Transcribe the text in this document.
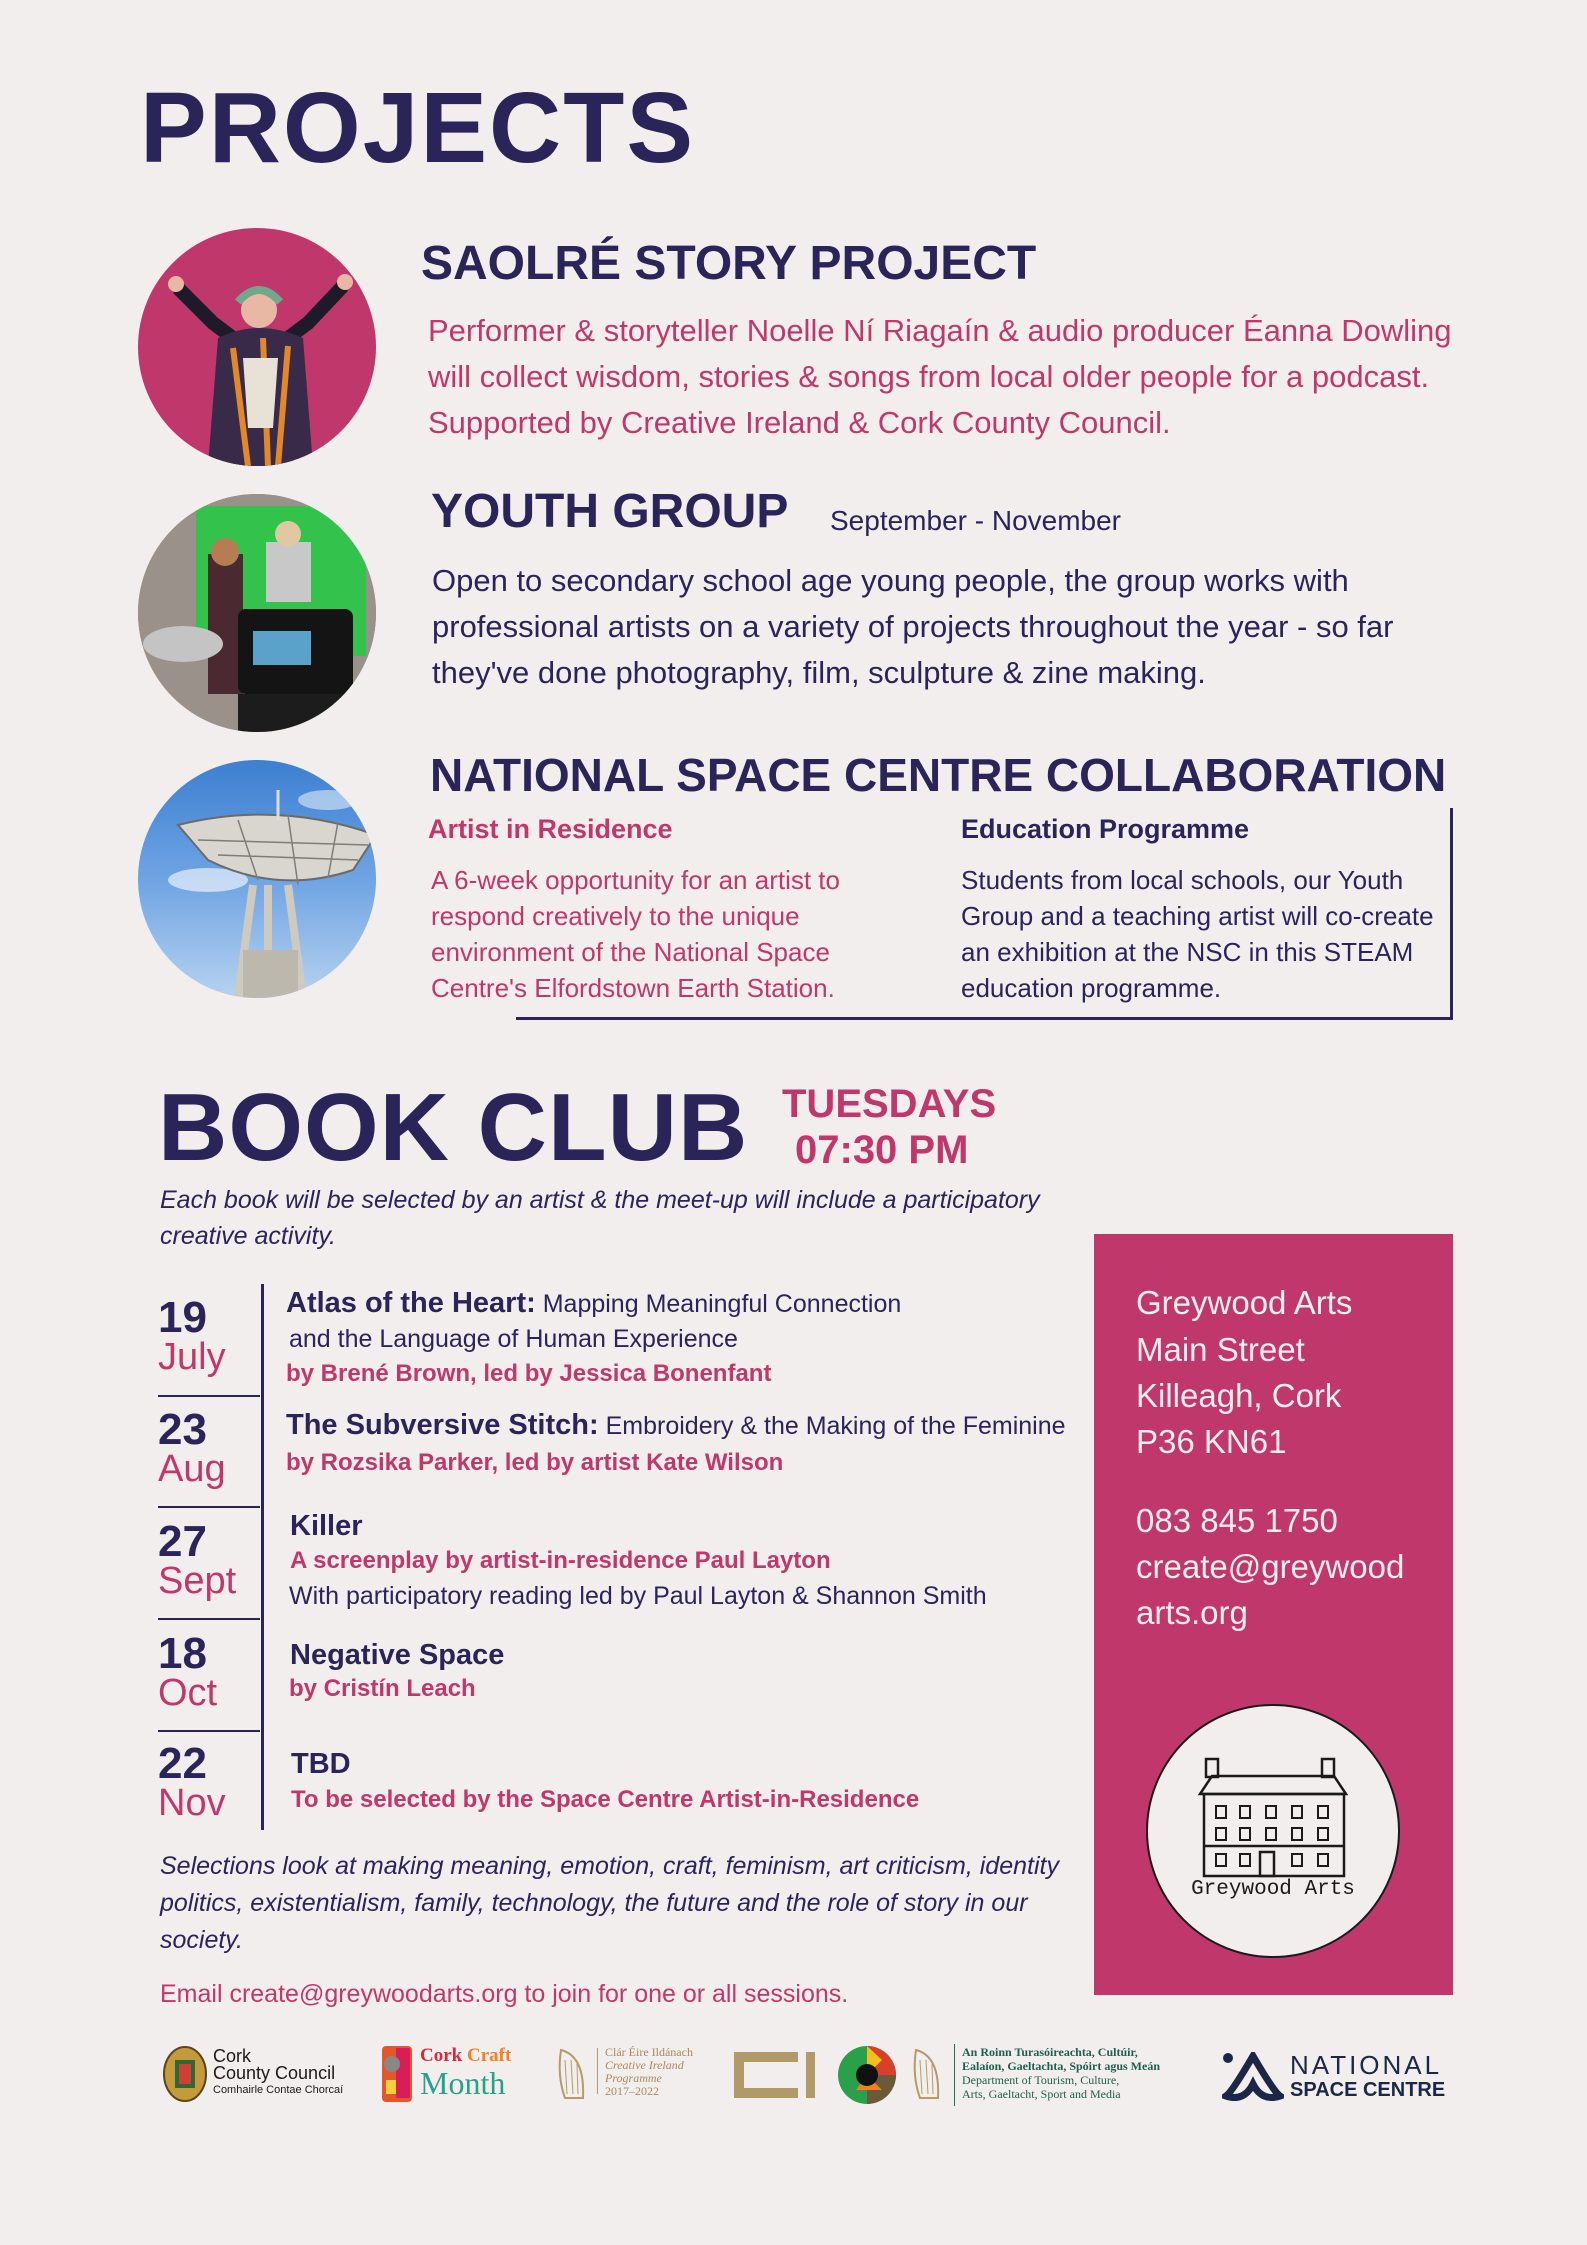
PROJECTS
SAOLRÉ STORY PROJECT
Performer & storyteller Noelle Ní Riagaín & audio producer Éanna Dowling will collect wisdom, stories & songs from local older people for a podcast. Supported by Creative Ireland & Cork County Council.
YOUTH GROUP September - November
Open to secondary school age young people, the group works with professional artists on a variety of projects throughout the year - so far they've done photography, film, sculpture & zine making.
NATIONAL SPACE CENTRE COLLABORATION
Artist in Residence	Education Programme
A 6-week opportunity for an artist to respond creatively to the unique environment of the National Space Centre's Elfordstown Earth Station.
Students from local schools, our Youth Group and a teaching artist will co-create an exhibition at the NSC in this STEAM education programme.
BOOK CLUB TUESDAYS
07:30 PM
Each book will be selected by an artist & the meet-up will include a participatory creative activity.
19
July
Atlas of the Heart: Mapping Meaningful Connection
and the Language of Human Experience
by Brené Brown, led by Jessica Bonenfant
23
Aug
The Subversive Stitch: Embroidery & the Making of the Feminine
by Rozsika Parker, led by artist Kate Wilson
27
Sept
Killer
A screenplay by artist-in-residence Paul Layton
With participatory reading led by Paul Layton & Shannon Smith
18
Oct
Negative Space
by Cristín Leach
22
Nov
TBD
To be selected by the Space Centre Artist-in-Residence
Selections look at making meaning, emotion, craft, feminism, art criticism, identity politics, existentialism, family, technology, the future and the role of story in our society.
Email create@greywoodarts.org to join for one or all sessions.
Greywood Arts
Main Street
Killeagh, Cork
P36 KN61
083 845 1750
create@greywood
arts.org
Greywood Arts
Cork
County Council
Comhairle Contae Chorcaí
Cork Craft
Month
Clár Éire Ildánach
Creative Ireland
Programme
2017–2022
An Roinn Turasóireachta, Cultúir,
Ealaíon, Gaeltachta, Spóirt agus Meán
Department of Tourism, Culture,
Arts, Gaeltacht, Sport and Media
NATIONAL
SPACE CENTRE
